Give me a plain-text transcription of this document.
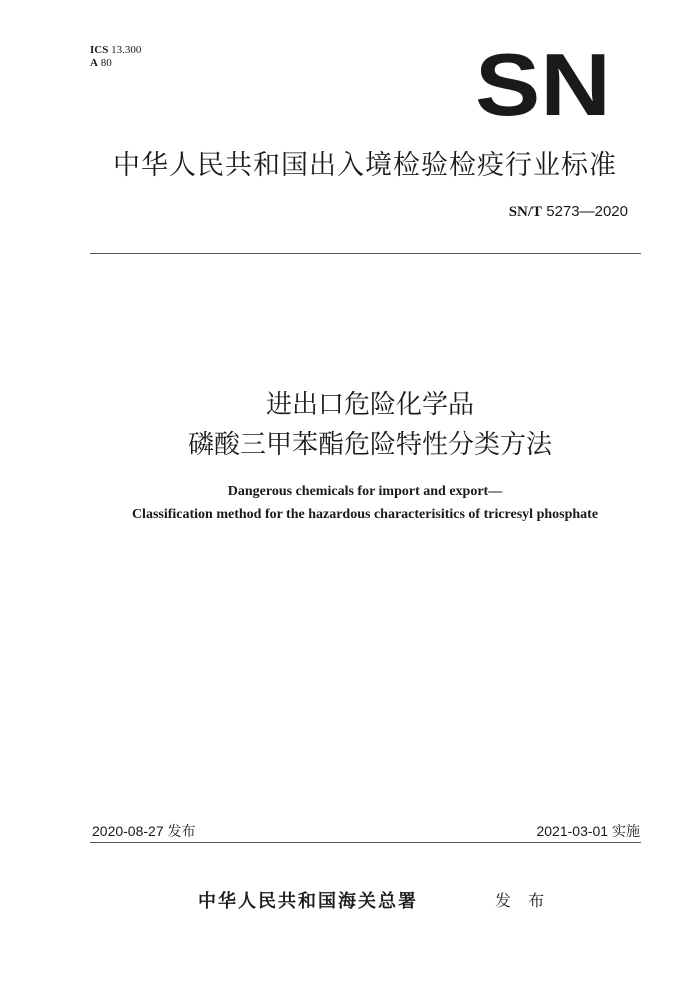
ICS 13.300
A 80	SN
中华人民共和国出入境检验检疫行业标准
SN/T 5273—2020
进出口危险化学品
磷酸三甲苯酯危险特性分类方法
Dangerous chemicals for import and export—
Classification method for the hazardous characterisitics of tricresyl phosphate
2020-08-27 发布	2021-03-01 实施
中华人民共和国海关总署	发 布
